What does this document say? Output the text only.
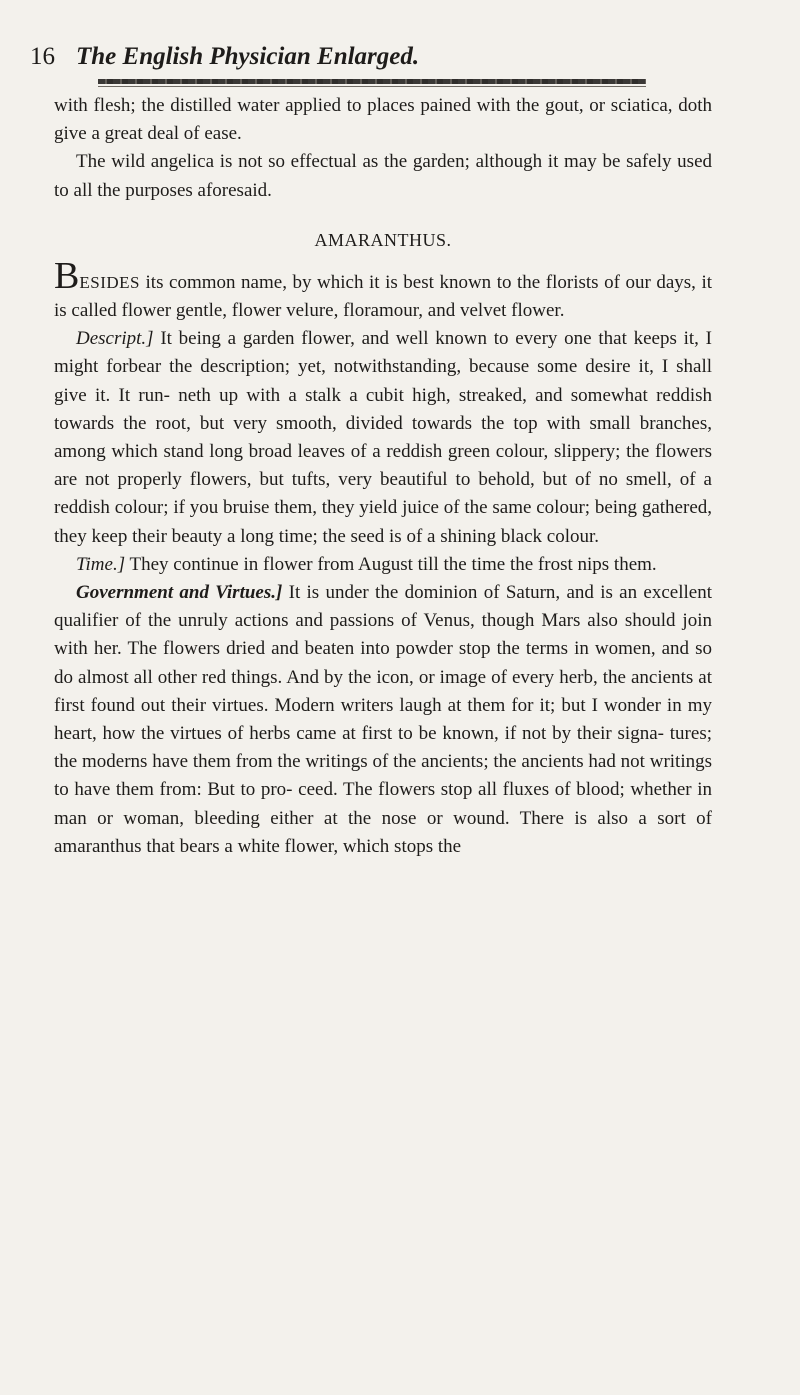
16 The English Physician Enlarged.

with flesh; the distilled water applied to places pained with the gout, or sciatica, doth give a great deal of ease.

The wild angelica is not so effectual as the garden; although it may be safely used to all the purposes aforesaid.

AMARANTHUS.

BESIDES its common name, by which it is best known to the florists of our days, it is called flower gentle, flower velure, floramour, and velvet flower.

Descript.] It being a garden flower, and well known to every one that keeps it, I might forbear the description; yet, notwithstanding, because some desire it, I shall give it. It run- neth up with a stalk a cubit high, streaked, and somewhat reddish towards the root, but very smooth, divided towards the top with small branches, among which stand long broad leaves of a reddish green colour, slippery; the flowers are not properly flowers, but tufts, very beautiful to behold, but of no smell, of a reddish colour; if you bruise them, they yield juice of the same colour; being gathered, they keep their beauty a long time; the seed is of a shining black colour.

Time.] They continue in flower from August till the time the frost nips them.

Government and Virtues.] It is under the dominion of Saturn, and is an excellent qualifier of the unruly actions and passions of Venus, though Mars also should join with her. The flowers dried and beaten into powder stop the terms in women, and so do almost all other red things. And by the icon, or image of every herb, the ancients at first found out their virtues. Modern writers laugh at them for it; but I wonder in my heart, how the virtues of herbs came at first to be known, if not by their signa- tures; the moderns have them from the writings of the ancients; the ancients had not writings to have them from: But to pro- ceed. The flowers stop all fluxes of blood; whether in man or woman, bleeding either at the nose or wound. There is also a sort of amaranthus that bears a white flower, which stops the
